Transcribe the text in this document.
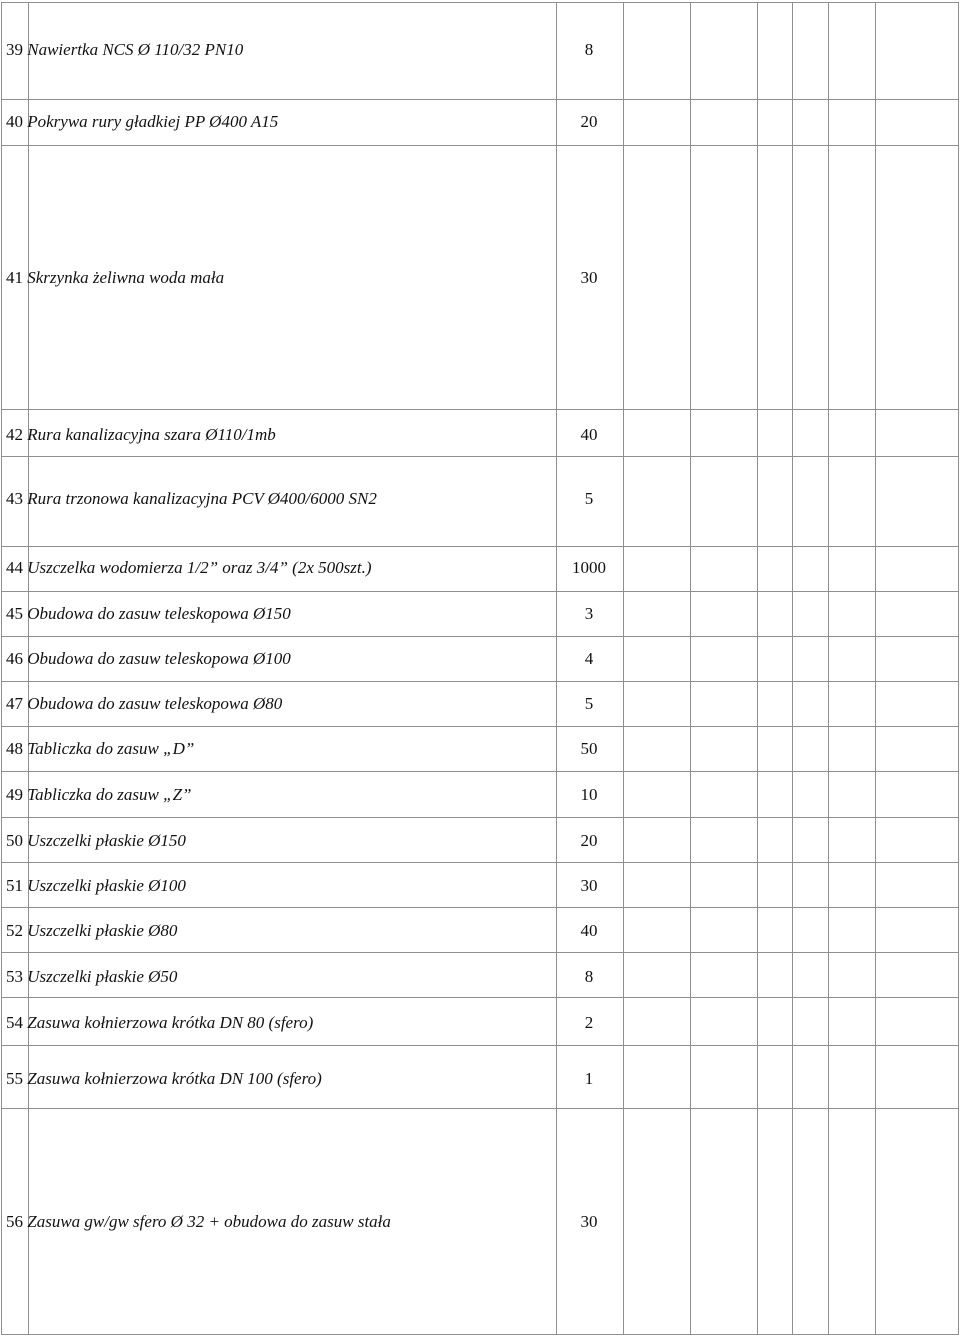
39 Nawiertka NCS Ø 110/32 PN10	8
40 Pokrywa rury gładkiej PP Ø400 A15	20
41 Skrzynka żeliwna woda mała	30
42 Rura kanalizacyjna szara Ø110/1mb	40
43 Rura trzonowa kanalizacyjna PCV Ø400/6000 SN2	5
44 Uszczelka wodomierza 1/2” oraz 3/4” (2x 500szt.)	1000
45 Obudowa do zasuw teleskopowa Ø150	3
46 Obudowa do zasuw teleskopowa Ø100	4
47 Obudowa do zasuw teleskopowa Ø80	5
48 Tabliczka do zasuw „D”	50
49 Tabliczka do zasuw „Z”	10
50 Uszczelki płaskie Ø150	20
51 Uszczelki płaskie Ø100	30
52 Uszczelki płaskie Ø80	40
53 Uszczelki płaskie Ø50	8
54 Zasuwa kołnierzowa krótka DN 80 (sfero)	2
55 Zasuwa kołnierzowa krótka DN 100 (sfero)	1
56 Zasuwa gw/gw sfero Ø 32 + obudowa do zasuw stała	30
